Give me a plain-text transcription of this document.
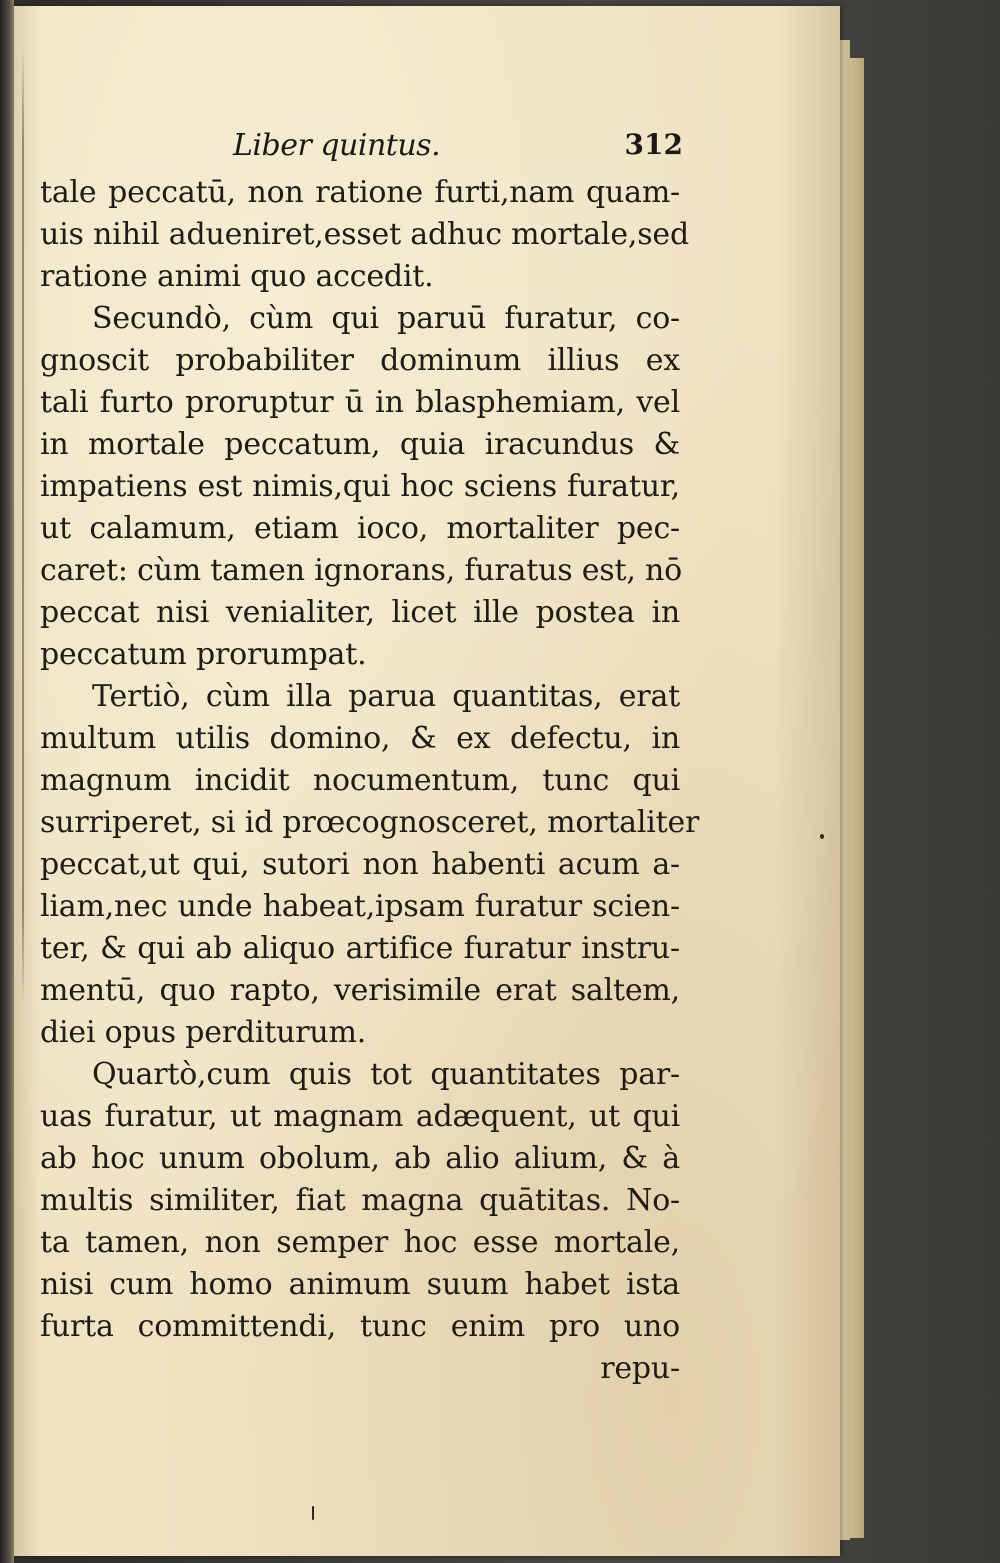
Liber quintus.	312
tale peccatū, non ratione furti,nam quam-
uis nihil adueniret,esset adhuc mortale,sed
ratione animi quo accedit.
Secundò, cùm qui paruū furatur, co-
gnoscit probabiliter dominum illius ex
tali furto proruptur ū in blasphemiam, vel
in mortale peccatum, quia iracundus &
impatiens est nimis,qui hoc sciens furatur,
ut calamum, etiam ioco, mortaliter pec-
caret: cùm tamen ignorans, furatus est, nō
peccat nisi venialiter, licet ille postea in
peccatum prorumpat.
Tertiò, cùm illa parua quantitas, erat
multum utilis domino, & ex defectu, in
magnum incidit nocumentum, tunc qui
surriperet, si id prœcognosceret, mortaliter
peccat,ut qui, sutori non habenti acum a-
liam,nec unde habeat,ipsam furatur scien-
ter, & qui ab aliquo artifice furatur instru-
mentū, quo rapto, verisimile erat saltem,
diei opus perditurum.
Quartò,cum quis tot quantitates par-
uas furatur, ut magnam adæquent, ut qui
ab hoc unum obolum, ab alio alium, & à
multis similiter, fiat magna quātitas. No-
ta tamen, non semper hoc esse mortale,
nisi cum homo animum suum habet ista
furta committendi, tunc enim pro uno
repu-
